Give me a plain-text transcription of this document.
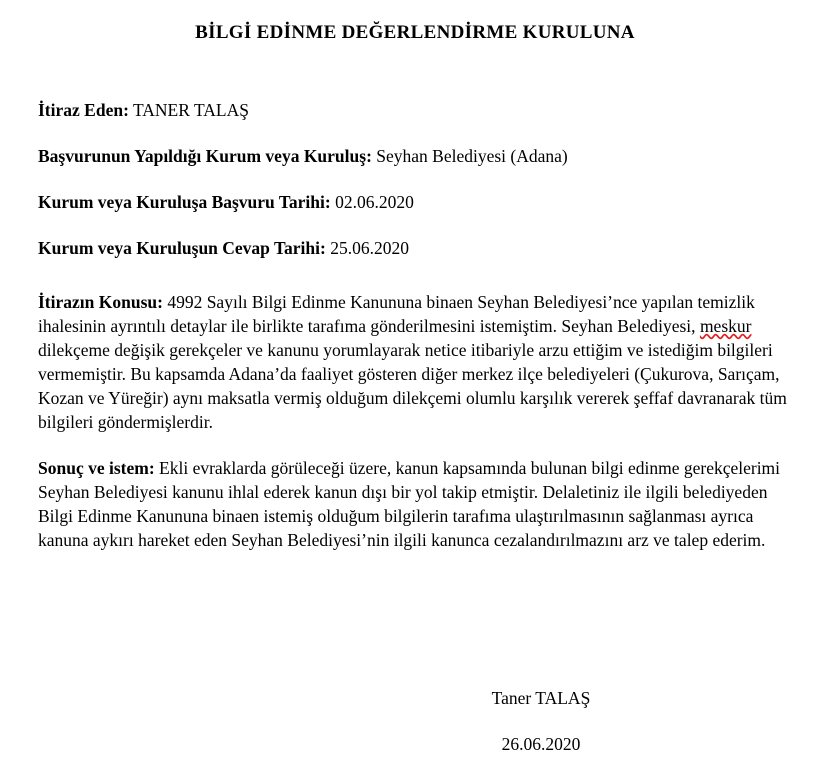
BİLGİ EDİNME DEĞERLENDİRME KURULUNA
İtiraz Eden: TANER TALAŞ
Başvurunun Yapıldığı Kurum veya Kuruluş: Seyhan Belediyesi (Adana)
Kurum veya Kuruluşa Başvuru Tarihi: 02.06.2020
Kurum veya Kuruluşun Cevap Tarihi: 25.06.2020

İtirazın Konusu: 4992 Sayılı Bilgi Edinme Kanununa binaen Seyhan Belediyesi’nce yapılan temizlik ihalesinin ayrıntılı detaylar ile birlikte tarafıma gönderilmesini istemiştim. Seyhan Belediyesi, meskur dilekçeme değişik gerekçeler ve kanunu yorumlayarak netice itibariyle arzu ettiğim ve istediğim bilgileri vermemiştir. Bu kapsamda Adana’da faaliyet gösteren diğer merkez ilçe belediyeleri (Çukurova, Sarıçam, Kozan ve Yüreğir) aynı maksatla vermiş olduğum dilekçemi olumlu karşılık vererek şeffaf davranarak tüm bilgileri göndermişlerdir.

Sonuç ve istem: Ekli evraklarda görüleceği üzere, kanun kapsamında bulunan bilgi edinme gerekçelerimi Seyhan Belediyesi kanunu ihlal ederek kanun dışı bir yol takip etmiştir. Delaletiniz ile ilgili belediyeden Bilgi Edinme Kanununa binaen istemiş olduğum bilgilerin tarafıma ulaştırılmasının sağlanması ayrıca kanuna aykırı hareket eden Seyhan Belediyesi’nin ilgili kanunca cezalandırılmazını arz ve talep ederim.

Taner TALAŞ
26.06.2020
